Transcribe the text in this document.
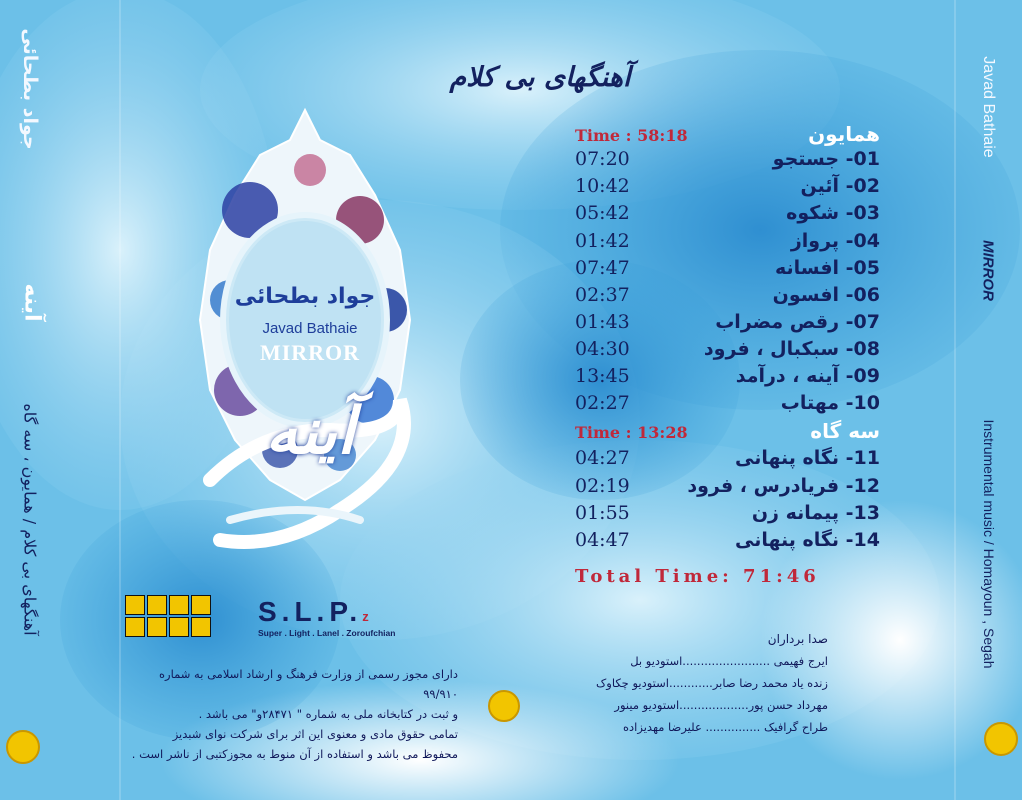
جواد بطحائی
آینه
آهنگهای بی کلام / همایون ، سه گاه
Javad Bathaie
MIRROR
Instrumental music / Homayoun , Segah
آهنگهای بی کلام
جواد بطحائی
Javad Bathaie
MIRROR
آینه
S.L.P.z
Super . Light . Lanel . Zoroufchian
دارای مجوز رسمی از وزارت فرهنگ و ارشاد اسلامی به شماره ۹۹/۹۱۰
و ثبت در کتابخانه ملی به شماره " ۲۸۴۷۱و" می باشد .
تمامی حقوق مادی و معنوی این اثر برای شرکت نوای شبدیز
محفوظ می باشد و استفاده از آن منوط به مجوزکتبی از ناشر است .
Time : 58:18	همایون
07:20	01- جستجو
10:42	02- آئین
05:42	03- شکوه
01:42	04- پرواز
07:47	05- افسانه
02:37	06- افسون
01:43	07- رقص مضراب
04:30	08- سبکبال ، فرود
13:45	09- آینه ، درآمد
02:27	10- مهتاب
Time : 13:28	سه گاه
04:27	11- نگاه پنهانی
02:19	12- فریادرس ، فرود
01:55	13- پیمانه زن
04:47	14- نگاه پنهانی
Total Time: 71:46
صدا برداران
ایرج فهیمی ........................استودیو بل
زنده یاد محمد رضا صابر............استودیو چکاوک
مهرداد حسن پور...................استودیو مینور
طراح گرافیک ............... علیرضا مهدیزاده
